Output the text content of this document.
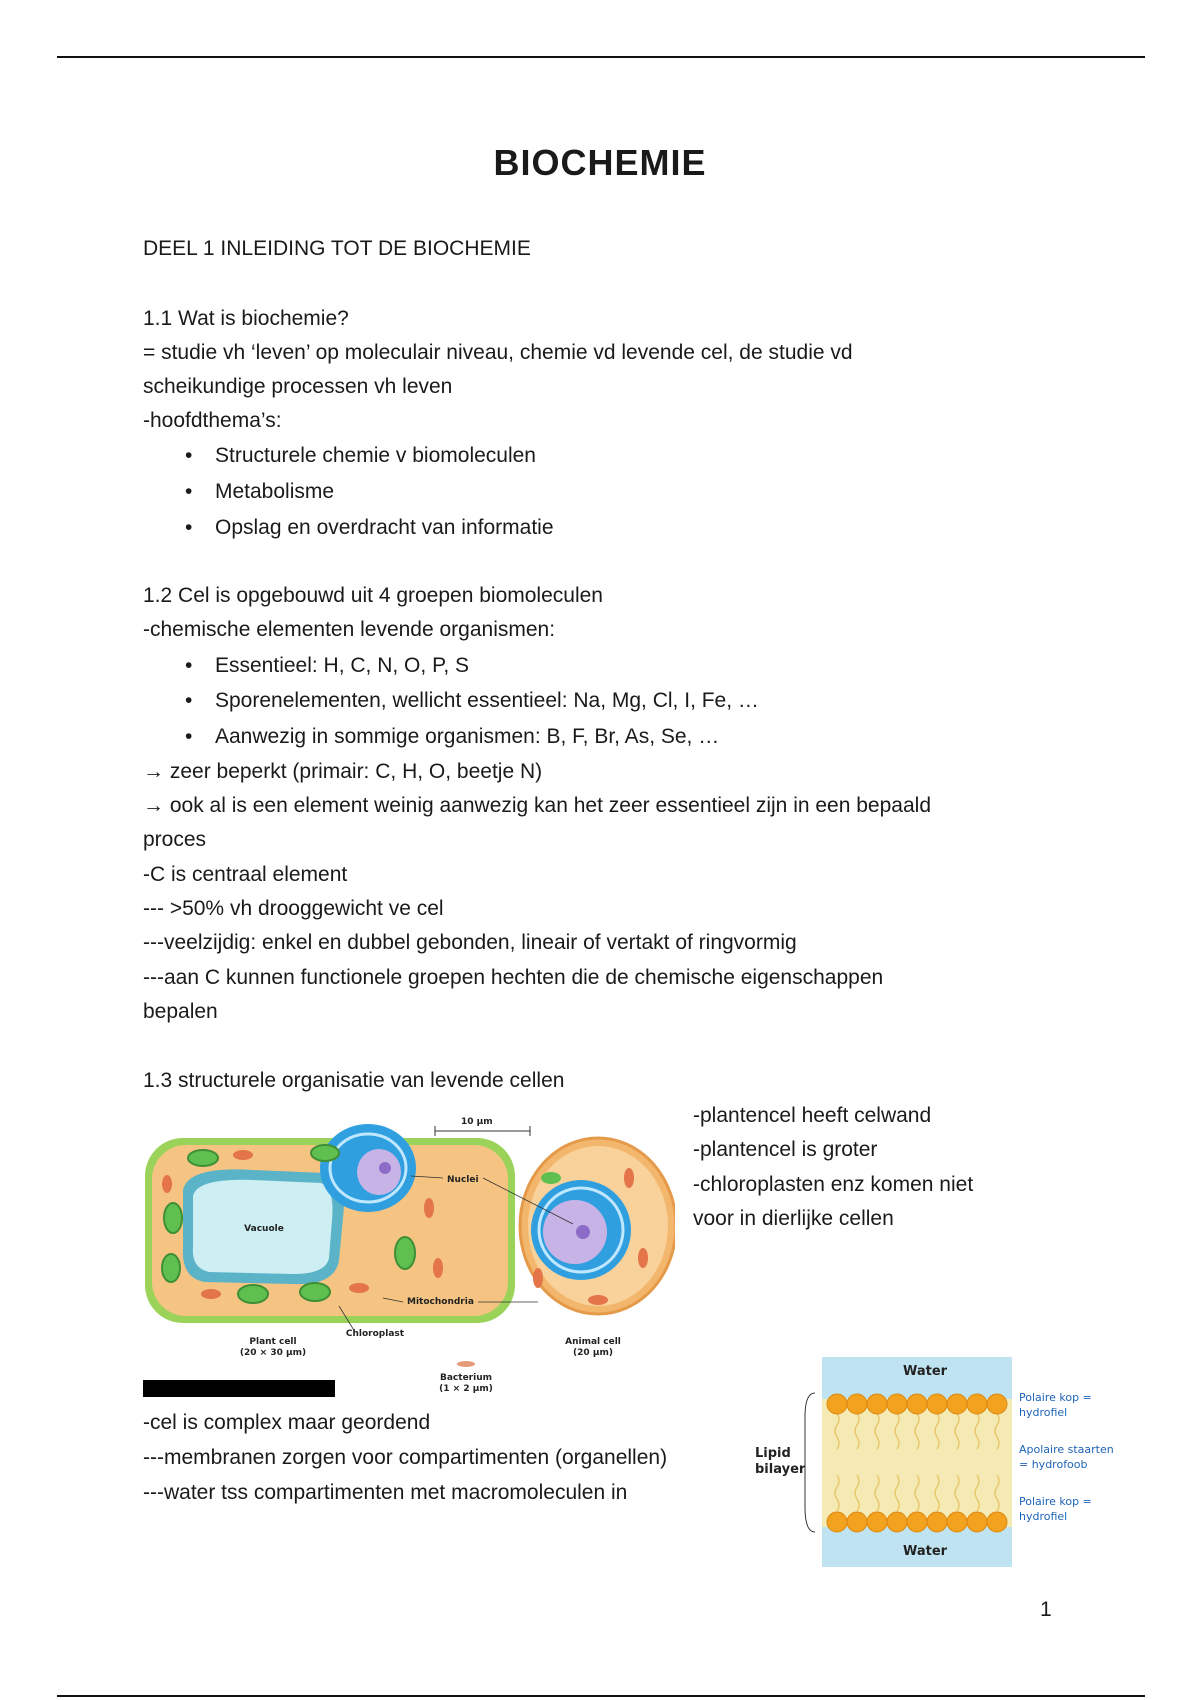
BIOCHEMIE

DEEL 1 INLEIDING TOT DE BIOCHEMIE

1.1 Wat is biochemie?

= studie vh ‘leven’ op moleculair niveau, chemie vd levende cel, de studie vd

scheikundige processen vh leven

-hoofdthema’s:

Structurele chemie v biomoleculen
Metabolisme
Opslag en overdracht van informatie

1.2 Cel is opgebouwd uit 4 groepen biomoleculen

-chemische elementen levende organismen:

Essentieel: H, C, N, O, P, S
Sporenelementen, wellicht essentieel: Na, Mg, Cl, I, Fe, …
Aanwezig in sommige organismen: B, F, Br, As, Se, …

→ zeer beperkt (primair: C, H, O, beetje N)

→ ook al is een element weinig aanwezig kan het zeer essentieel zijn in een bepaald

proces

-C is centraal element

--- >50% vh drooggewicht ve cel

---veelzijdig: enkel en dubbel gebonden, lineair of vertakt of ringvormig

---aan C kunnen functionele groepen hechten die de chemische eigenschappen

bepalen

1.3 structurele organisatie van levende cellen

10 μm
Vacuole
Nuclei
Mitochondria
Chloroplast
Plant cell
(20 × 30 μm)
Animal cell
(20 μm)
Bacterium
(1 × 2 μm)
-plantencel heeft celwand
-plantencel is groter
-chloroplasten enz komen niet
voor in dierlijke cellen

-cel is complex maar geordend

---membranen zorgen voor compartimenten (organellen)

---water tss compartimenten met macromoleculen in

Water
Water
Lipid
bilayer
Polaire kop =
hydrofiel
Apolaire staarten
= hydrofoob
Polaire kop =
hydrofiel
1
